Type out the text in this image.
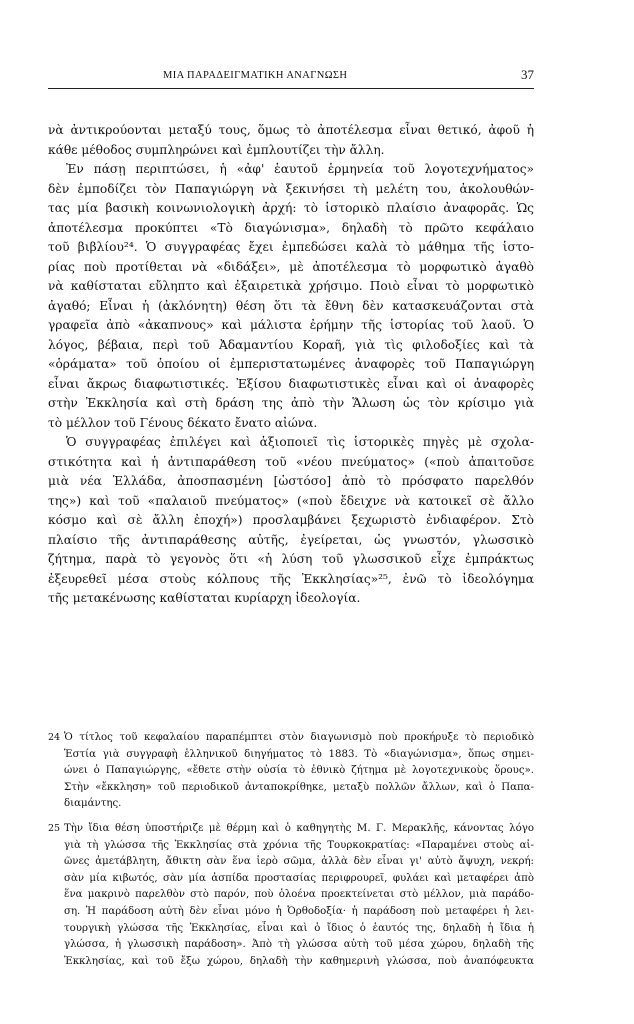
ΜΙΑ ΠΑΡΑΔΕΙΓΜΑΤΙΚΗ ΑΝΑΓΝΩΣΗ	37
νὰ ἀντικρούονται μεταξύ τους, ὅμως τὸ ἀποτέλεσμα εἶναι θετικό, ἀφοῦ ἡ
κάθε μέθοδος συμπληρώνει καὶ ἐμπλουτίζει τὴν ἄλλη.
Ἐν πάσῃ περιπτώσει, ἡ «ἀφ' ἑαυτοῦ ἑρμηνεία τοῦ λογοτεχνήματος»
δὲν ἐμποδίζει τὸν Παπαγιώργη νὰ ξεκινήσει τὴ μελέτη του, ἀκολουθών-
τας μία βασικὴ κοινωνιολογικὴ ἀρχή: τὸ ἱστορικὸ πλαίσιο ἀναφορᾶς. Ὡς
ἀποτέλεσμα προκύπτει «Τὸ διαγώνισμα», δηλαδὴ τὸ πρῶτο κεφάλαιο
τοῦ βιβλίου²⁴. Ὁ συγγραφέας ἔχει ἐμπεδώσει καλὰ τὸ μάθημα τῆς ἱστο-
ρίας ποὺ προτίθεται νὰ «διδάξει», μὲ ἀποτέλεσμα τὸ μορφωτικὸ ἀγαθὸ
νὰ καθίσταται εὔληπτο καὶ ἐξαιρετικὰ χρήσιμο. Ποιὸ εἶναι τὸ μορφωτικὸ
ἀγαθό; Εἶναι ἡ (ἀκλόνητη) θέση ὅτι τὰ ἔθνη δὲν κατασκευάζονται στὰ
γραφεῖα ἀπὸ «ἀκαπνους» καὶ μάλιστα ἐρήμην τῆς ἱστορίας τοῦ λαοῦ. Ὁ
λόγος, βέβαια, περὶ τοῦ Ἀδαμαντίου Κοραῆ, γιὰ τὶς φιλοδοξίες καὶ τὰ
«ὁράματα» τοῦ ὁποίου οἱ ἐμπεριστατωμένες ἀναφορὲς τοῦ Παπαγιώργη
εἶναι ἄκρως διαφωτιστικές. Ἐξίσου διαφωτιστικὲς εἶναι καὶ οἱ ἀναφορὲς
στὴν Ἐκκλησία καὶ στὴ δράση της ἀπὸ τὴν Ἅλωση ὡς τὸν κρίσιμο γιὰ
τὸ μέλλον τοῦ Γένους δέκατο ἔνατο αἰώνα.
Ὁ συγγραφέας ἐπιλέγει καὶ ἀξιοποιεῖ τὶς ἱστορικὲς πηγὲς μὲ σχολα-
στικότητα καὶ ἡ ἀντιπαράθεση τοῦ «νέου πνεύματος» («ποὺ ἀπαιτοῦσε
μιὰ νέα Ἑλλάδα, ἀποσπασμένη [ὡστόσο] ἀπὸ τὸ πρόσφατο παρελθόν
της») καὶ τοῦ «παλαιοῦ πνεύματος» («ποὺ ἔδειχνε νὰ κατοικεῖ σὲ ἄλλο
κόσμο καὶ σὲ ἄλλη ἐποχή») προσλαμβάνει ξεχωριστὸ ἐνδιαφέρον. Στὸ
πλαίσιο τῆς ἀντιπαράθεσης αὐτῆς, ἐγείρεται, ὡς γνωστόν, γλωσσικὸ
ζήτημα, παρὰ τὸ γεγονὸς ὅτι «ἡ λύση τοῦ γλωσσικοῦ εἶχε ἐμπράκτως
ἐξευρεθεῖ μέσα στοὺς κόλπους τῆς Ἐκκλησίας»²⁵, ἐνῶ τὸ ἰδεολόγημα
τῆς μετακένωσης καθίσταται κυρίαρχη ἰδεολογία.
24 Ὁ τίτλος τοῦ κεφαλαίου παραπέμπτει στὸν διαγωνισμὸ ποὺ προκήρυξε τὸ περιοδικὸ
Ἑστία γιὰ συγγραφὴ ἑλληνικοῦ διηγήματος τὸ 1883. Τὸ «διαγώνισμα», ὅπως σημει-
ώνει ὁ Παπαγιώργης, «ἔθετε στὴν οὐσία τὸ ἐθνικὸ ζήτημα μὲ λογοτεχνικοὺς ὅρους».
Στὴν «ἔκκληση» τοῦ περιοδικοῦ ἀνταποκρίθηκε, μεταξὺ πολλῶν ἄλλων, καὶ ὁ Παπα-
διαμάντης.
25 Τὴν ἴδια θέση ὑποστήριζε μὲ θέρμη καὶ ὁ καθηγητὴς Μ. Γ. Μερακλῆς, κάνοντας λόγο
γιὰ τὴ γλώσσα τῆς Ἐκκλησίας στὰ χρόνια τῆς Τουρκοκρατίας: «Παραμένει στοὺς αἰ-
ῶνες ἀμετάβλητη, ἄθικτη σὰν ἕνα ἱερὸ σῶμα, ἀλλὰ δὲν εἶναι γι' αὐτὸ ἄψυχη, νεκρή:
σὰν μία κιβωτός, σὰν μία ἀσπίδα προστασίας περιφρουρεῖ, φυλάει καὶ μεταφέρει ἀπὸ
ἕνα μακρινὸ παρελθὸν στὸ παρόν, ποὺ ὁλοένα προεκτείνεται στὸ μέλλον, μιὰ παράδο-
ση. Ἡ παράδοση αὐτὴ δὲν εἶναι μόνο ἡ Ὀρθοδοξία· ἡ παράδοση ποὺ μεταφέρει ἡ λει-
τουργικὴ γλώσσα τῆς Ἐκκλησίας, εἶναι καὶ ὁ ἴδιος ὁ ἑαυτός της, δηλαδὴ ἡ ἴδια ἡ
γλώσσα, ἡ γλωσσικὴ παράδοση». Ἀπὸ τὴ γλώσσα αὐτὴ τοῦ μέσα χώρου, δηλαδὴ τῆς
Ἐκκλησίας, καὶ τοῦ ἔξω χώρου, δηλαδὴ τὴν καθημερινὴ γλώσσα, ποὺ ἀναπόφευκτα
